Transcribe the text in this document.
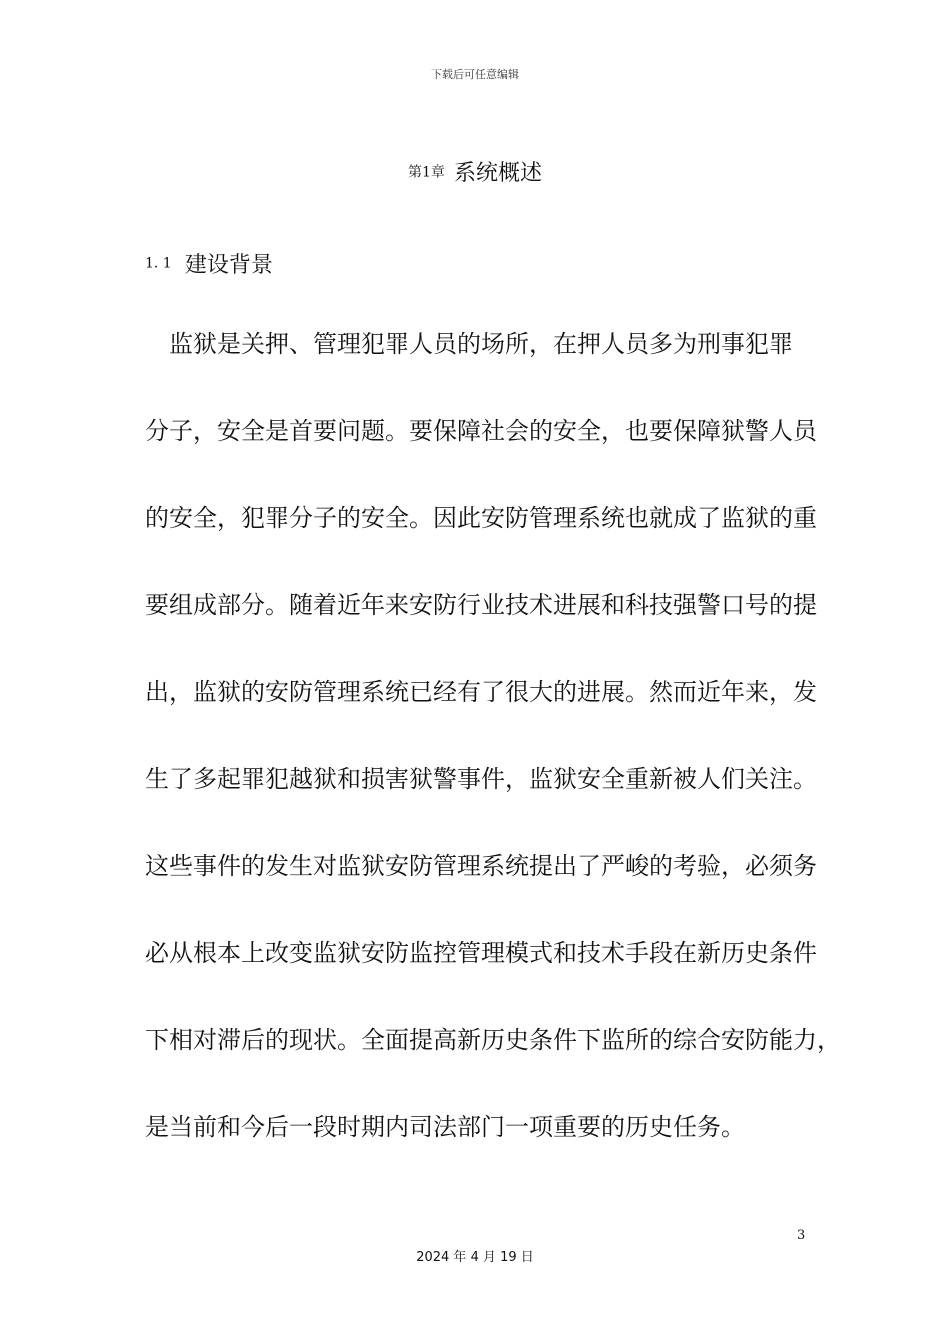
下载后可任意编辑
第1章 系统概述
1. 1 建设背景
　监狱是关押、管理犯罪人员的场所，在押人员多为刑事犯罪
分子，安全是首要问题。要保障社会的安全，也要保障狱警人员
的安全，犯罪分子的安全。因此安防管理系统也就成了监狱的重
要组成部分。随着近年来安防行业技术进展和科技强警口号的提
出，监狱的安防管理系统已经有了很大的进展。然而近年来，发
生了多起罪犯越狱和损害狱警事件，监狱安全重新被人们关注。
这些事件的发生对监狱安防管理系统提出了严峻的考验，必须务
必从根本上改变监狱安防监控管理模式和技术手段在新历史条件
下相对滞后的现状。全面提高新历史条件下监所的综合安防能力，
是当前和今后一段时期内司法部门一项重要的历史任务。
3
2024 年 4 月 19 日
